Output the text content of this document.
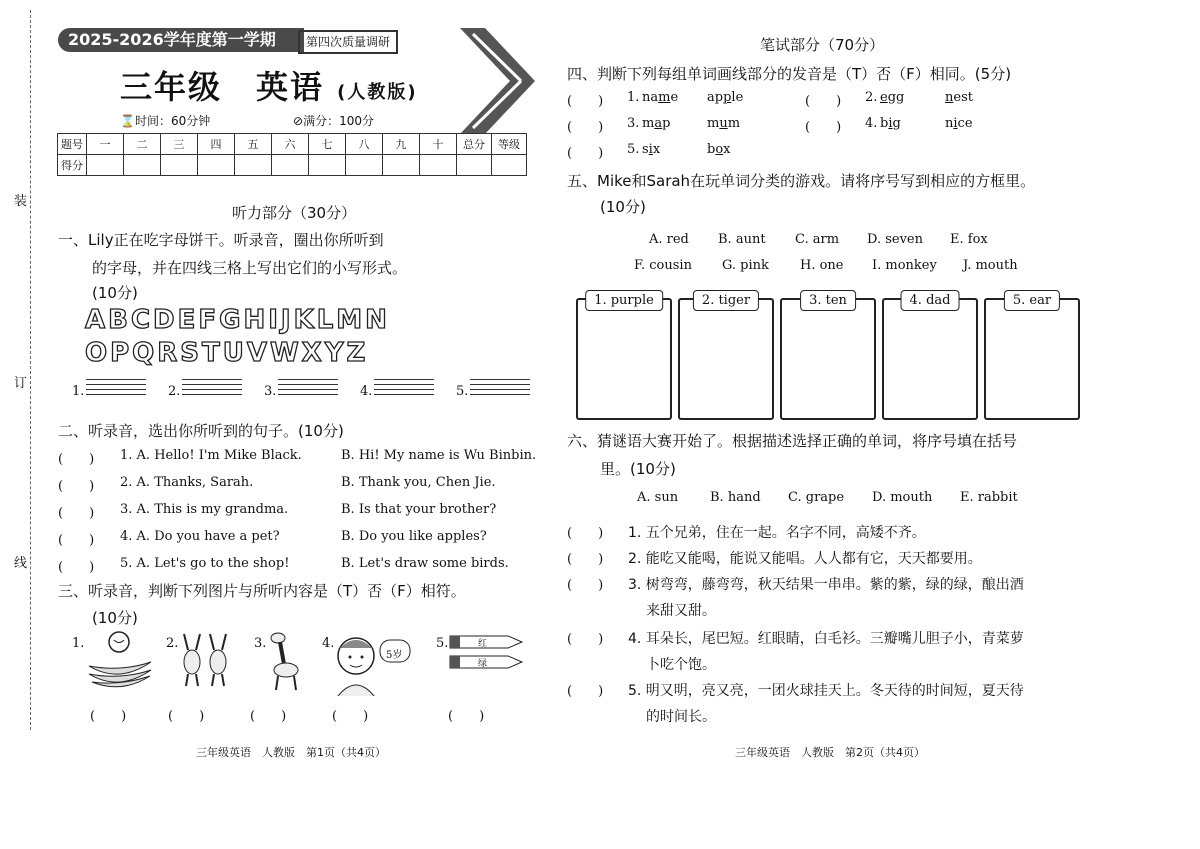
装
订
线
2025-2026学年度第一学期	第四次质量调研
三年级　英语 (人教版)
⌛时间：60分钟	⊘满分：100分
题号	一	二	三	四	五	六	七	八	九	十	总分	等级
得分												
听力部分（30分）
一、Lily正在吃字母饼干。听录音，圈出你所听到
的字母，并在四线三格上写出它们的小写形式。
(10分)
ABCDEFGHIJKLMN
OPQRSTUVWXYZ
1.	2.	3.	4.	5.
二、听录音，选出你所听到的句子。(10分)
(　　) 1. A. Hello! I'm Mike Black.	B. Hi! My name is Wu Binbin.
(　　) 2. A. Thanks, Sarah.	B. Thank you, Chen Jie.
(　　) 3. A. This is my grandma.	B. Is that your brother?
(　　) 4. A. Do you have a pet?	B. Do you like apples?
(　　) 5. A. Let's go to the shop!	B. Let's draw some birds.
三、听录音，判断下列图片与所听内容是（T）否（F）相符。
(10分)
1.	2.	3.	4.
5岁
5.	红
绿
(　　)	(　　)	(　　)	(　　)	(　　)
三年级英语　人教版　第1页（共4页）
笔试部分（70分）
四、判断下列每组单词画线部分的发音是（T）否（F）相同。(5分)
(　　) 1. name apple	(　　) 2. egg	nest
(　　) 3. map	mum	(　　) 4. big	nice
(　　) 5. six	box
五、Mike和Sarah在玩单词分类的游戏。请将序号写到相应的方框里。
(10分)
A. red B. aunt C. arm D. seven E. fox
F. cousin G. pink H. one I. monkey J. mouth
1. purple	2. tiger	3. ten	4. dad	5. ear
六、猜谜语大赛开始了。根据描述选择正确的单词，将序号填在括号
里。(10分)
A. sun B. hand C. grape D. mouth E. rabbit
(　　) 1. 五个兄弟，住在一起。名字不同，高矮不齐。
(　　) 2. 能吃又能喝，能说又能唱。人人都有它，天天都要用。
(　　) 3. 树弯弯，藤弯弯，秋天结果一串串。紫的紫，绿的绿，酿出酒
来甜又甜。
(　　) 4. 耳朵长，尾巴短。红眼睛，白毛衫。三瓣嘴儿胆子小，青菜萝
卜吃个饱。
(　　) 5. 明又明，亮又亮，一团火球挂天上。冬天待的时间短，夏天待
的时间长。
三年级英语　人教版　第2页（共4页）
